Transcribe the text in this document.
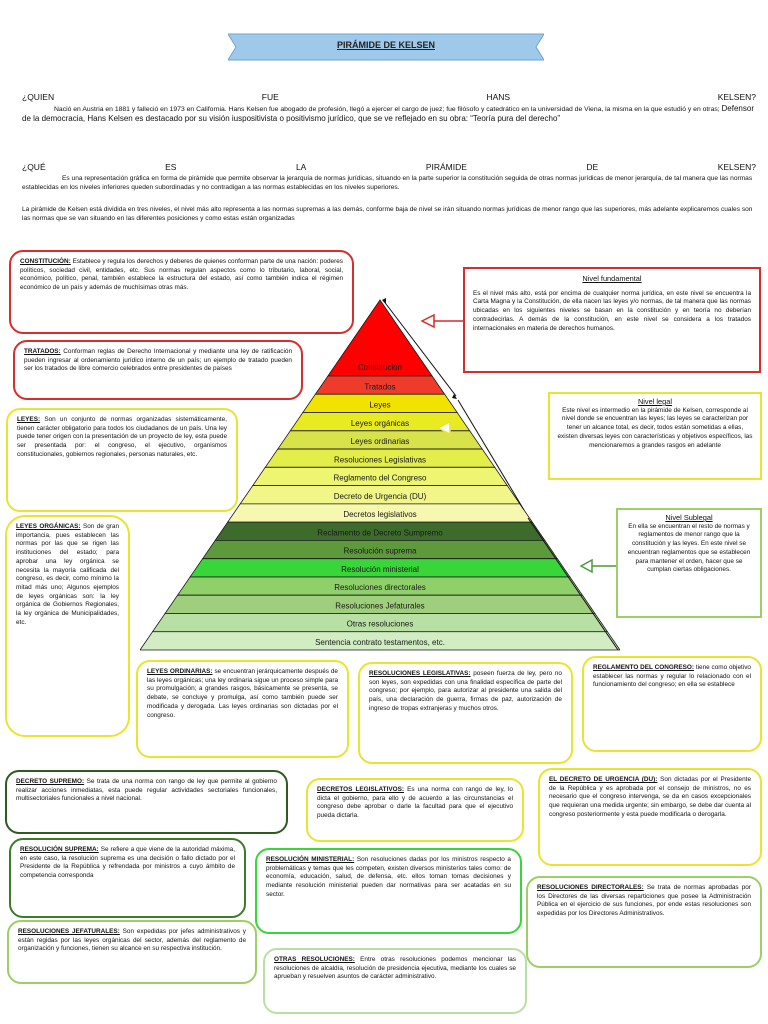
PIRÁMIDE DE KELSEN
¿QUIEN	FUE	HANS	KELSEN?
Nació en Austria en 1881 y falleció en 1973 en California. Hans Kelsen fue abogado de profesión, llegó a ejercer el cargo de juez; fue filósofo y catedrático en la universidad de Viena, la misma en la que estudió y en otras; Defensor de la democracia, Hans Kelsen es destacado por su visión iuspositivista o positivismo jurídico, que se ve reflejado en su obra: “Teoría pura del derecho”
¿QUÉ	ES	LA	PIRÁMIDE	DE	KELSEN?
Es una representación gráfica en forma de pirámide que permite observar la jerarquía de normas jurídicas, situando en la parte superior la constitución seguida de otras normas jurídicas de menor jerarquía, de tal manera que las normas establecidas en los niveles inferiores queden subordinadas y no contradigan a las normas establecidas en los niveles superiores.
La pirámide de Kelsen está dividida en tres niveles, el nivel más alto representa a las normas supremas a las demás, conforme baja de nivel se irán situando normas jurídicas de menor rango que las superiores, más adelante explicaremos cuales son las normas que se van situando en las diferentes posiciones y como estas están organizadas
Constitución
Tratados
Leyes
Leyes orgánicas
Leyes ordinarias
Resoluciones Legislativas
Reglamento del Congreso
Decreto de Urgencia (DU)
Decretos legislativos
Reclamento de Decreto Sumpremo
Resolución suprema
Resolución ministerial
Resoluciones directorales
Resoluciones Jefaturales
Otras resoluciones
Sentencia contrato testamentos, etc.
Nivel fundamental
Es el nivel más alto, está por encima de cualquier norma jurídica, en este nivel se encuentra la Carta Magna y la Constitución, de ella nacen las leyes y/o normas, de tal manera que las normas ubicadas en los siguientes niveles se basan en la constitución y en teoría no deberían contradecirlas. A demás de la constitución, en este nivel se considera a los tratados internacionales en materia de derechos humanos.
Nivel legal
Este nivel es intermedio en la pirámide de Kelsen, corresponde al nivel donde se encuentran las leyes; las leyes se caracterizan por tener un alcance total, es decir, todos están sometidas a ellas, existen diversas leyes con características y objetivos específicos, las mencionaremos a grandes rasgos en adelante
Nivel Sublegal
En ella se encuentran el resto de normas y reglamentos de menor rango que la constitución y las leyes. En este nivel se encuentran reglamentos que se establecen para mantener el orden, hacer que se cumplan ciertas obligaciones.
CONSTITUCIÓN: Establece y regula los derechos y deberes de quienes conforman parte de una nación: poderes políticos, sociedad civil, entidades, etc. Sus normas regulan aspectos como lo tributario, laboral, social, económico, político, penal, también establece la estructura del estado, así como también indica el régimen económico de un país y además de muchísimas otras más.
TRATADOS: Conforman reglas de Derecho Internacional y mediante una ley de ratificación pueden ingresar al ordenamiento jurídico interno de un país; un ejemplo de tratado pueden ser los tratados de libre comercio celebrados entre presidentes de países
LEYES: Son un conjunto de normas organizadas sistemáticamente, tienen carácter obligatorio para todos los ciudadanos de un país. Una ley puede tener origen con la presentación de un proyecto de ley, esta puede ser presentada por: el congreso, el ejecutivo, organismos constitucionales, gobiernos regionales, personas naturales, etc.
LEYES ORGÁNICAS: Son de gran importancia, pues establecen las normas por las que se rigen las instituciones del estado; para aprobar una ley orgánica se necesita la mayoría calificada del congreso, es decir, como mínimo la mitad más uno; Algunos ejemplos de leyes orgánicas son: la ley orgánica de Gobiernos Regionales, la ley orgánica de Municipalidades, etc.
LEYES ORDINARIAS: se encuentran jerárquicamente después de las leyes orgánicas; una ley ordinaria sigue un proceso simple para su promulgación; a grandes rasgos, básicamente se presenta, se debate, se concluye y promulga, así como también puede ser modificada y derogada. Las leyes ordinarias son dictadas por el congreso.
RESOLUCIONES LEGISLATIVAS: poseen fuerza de ley, pero no son leyes, son expedidas con una finalidad específica de parte del congreso; por ejemplo, para autorizar al presidente una salida del país, una declaración de guerra, firmas de paz, autorización de ingreso de tropas extranjeras y muchos otros.
REGLAMENTO DEL CONGRESO: tiene como objetivo establecer las normas y regular lo relacionado con el funcionamiento del congreso; en ella se establece
DECRETO SUPREMO: Se trata de una norma con rango de ley que permite al gobierno realizar acciones inmediatas, esta puede regular actividades sectoriales funcionales, multisectoriales funcionales a nivel nacional.
DECRETOS LEGISLATIVOS: Es una norma con rango de ley, lo dicta el gobierno, para ello y de acuerdo a las circunstancias el congreso debe aprobar o darle la facultad para que el ejecutivo pueda dictarla.
EL DECRETO DE URGENCIA (DU): Son dictadas por el Presidente de la República y es aprobada por el consejo de ministros, no es necesario que el congreso intervenga, se da en casos excepcionales que requieran una medida urgente; sin embargo, se debe dar cuenta al congreso posteriormente y esta puede modificarla o derogarla.
RESOLUCIÓN SUPREMA: Se refiere a que viene de la autoridad máxima, en este caso, la resolución suprema es una decisión o fallo dictado por el Presidente de la República y refrendada por ministros a cuyo ámbito de competencia corresponda
RESOLUCIÓN MINISTERIAL: Son resoluciones dadas por los ministros respecto a problemáticas y temas que les competen, existen diversos ministerios tales como: de economía, educación, salud, de defensa, etc. ellos toman tomas decisiones y mediante resolución ministerial pueden dar normativas para ser acatadas en su sector.
RESOLUCIONES DIRECTORALES: Se trata de normas aprobadas por los Directores de las diversas reparticiones que posee la Administración Pública en el ejercicio de sus funciones, por ende estas resoluciones son expedidas por los Directores Administrativos.
RESOLUCIONES JEFATURALES: Son expedidas por jefes administrativos y están regidas por las leyes orgánicas del sector, además del reglamento de organización y funciones, tienen su alcance en su respectiva institución.
OTRAS RESOLUCIONES: Entre otras resoluciones podemos mencionar las resoluciones de alcaldía, resolución de presidencia ejecutiva, mediante los cuales se aprueban y resuelven asuntos de carácter administrativo.
